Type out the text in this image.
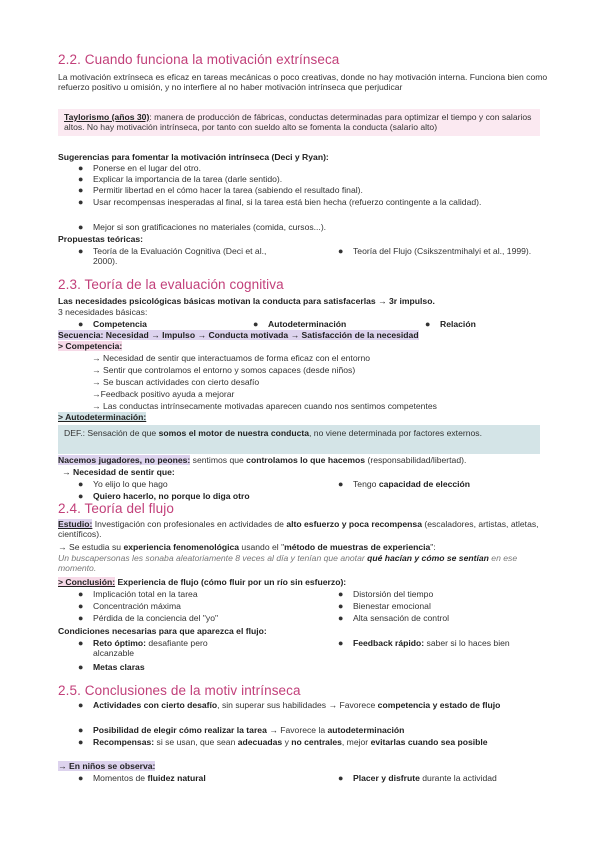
2.2. Cuando funciona la motivación extrínseca

La motivación extrínseca es eficaz en tareas mecánicas o poco creativas, donde no hay motivación interna. Funciona bien como refuerzo positivo u omisión, y no interfiere al no haber motivación intrínseca que perjudicar

Taylorismo (años 30): manera de producción de fábricas, conductas determinadas para optimizar el tiempo y con salarios altos. No hay motivación intrínseca, por tanto con sueldo alto se fomenta la conducta (salario alto)

Sugerencias para fomentar la motivación intrínseca (Deci y Ryan):

● Ponerse en el lugar del otro.
● Explicar la importancia de la tarea (darle sentido).
● Permitir libertad en el cómo hacer la tarea (sabiendo el resultado final).
● Usar recompensas inesperadas al final, si la tarea está bien hecha (refuerzo contingente a la calidad).
● Mejor si son gratificaciones no materiales (comida, cursos...).

Propuestas teóricas:

● Teoría de la Evaluación Cognitiva (Deci et al., 2000).
● Teoría del Flujo (Csikszentmihalyi et al., 1999).
2.3. Teoría de la evaluación cognitiva

Las necesidades psicológicas básicas motivan la conducta para satisfacerlas → 3r impulso.

3 necesidades básicas:

● Competencia	● Autodeterminación	● Relación

Secuencia: Necesidad → Impulso → Conducta motivada → Satisfacción de la necesidad

> Competencia:

→ Necesidad de sentir que interactuamos de forma eficaz con el entorno
→ Sentir que controlamos el entorno y somos capaces (desde niños)
→ Se buscan actividades con cierto desafío
→Feedback positivo ayuda a mejorar
→ Las conductas intrínsecamente motivadas aparecen cuando nos sentimos competentes

> Autodeterminación:

DEF.: Sensación de que somos el motor de nuestra conducta, no viene determinada por factores externos.

Nacemos jugadores, no peones: sentimos que controlamos lo que hacemos (responsabilidad/libertad).

→ Necesidad de sentir que:

● Yo elijo lo que hago
● Quiero hacerlo, no porque lo diga otro
● Tengo capacidad de elección
2.4. Teoría del flujo

Estudio: Investigación con profesionales en actividades de alto esfuerzo y poca recompensa (escaladores, artistas, atletas, científicos).

→ Se estudia su experiencia fenomenológica usando el "método de muestras de experiencia":

Un buscapersonas les sonaba aleatoriamente 8 veces al día y tenían que anotar qué hacían y cómo se sentían en ese momento.

> Conclusión: Experiencia de flujo (cómo fluir por un río sin esfuerzo):

● Implicación total en la tarea
● Concentración máxima
● Pérdida de la conciencia del "yo"
● Distorsión del tiempo
● Bienestar emocional
● Alta sensación de control

Condiciones necesarias para que aparezca el flujo:

● Reto óptimo: desafiante pero alcanzable
● Metas claras
● Feedback rápido: saber si lo haces bien
2.5. Conclusiones de la motiv intrínseca
● Actividades con cierto desafío, sin superar sus habilidades → Favorece competencia y estado de flujo
● Posibilidad de elegir cómo realizar la tarea → Favorece la autodeterminación
● Recompensas: si se usan, que sean adecuadas y no centrales, mejor evitarlas cuando sea posible

→ En niños se observa:

● Momentos de fluidez natural	● Placer y disfrute durante la actividad
